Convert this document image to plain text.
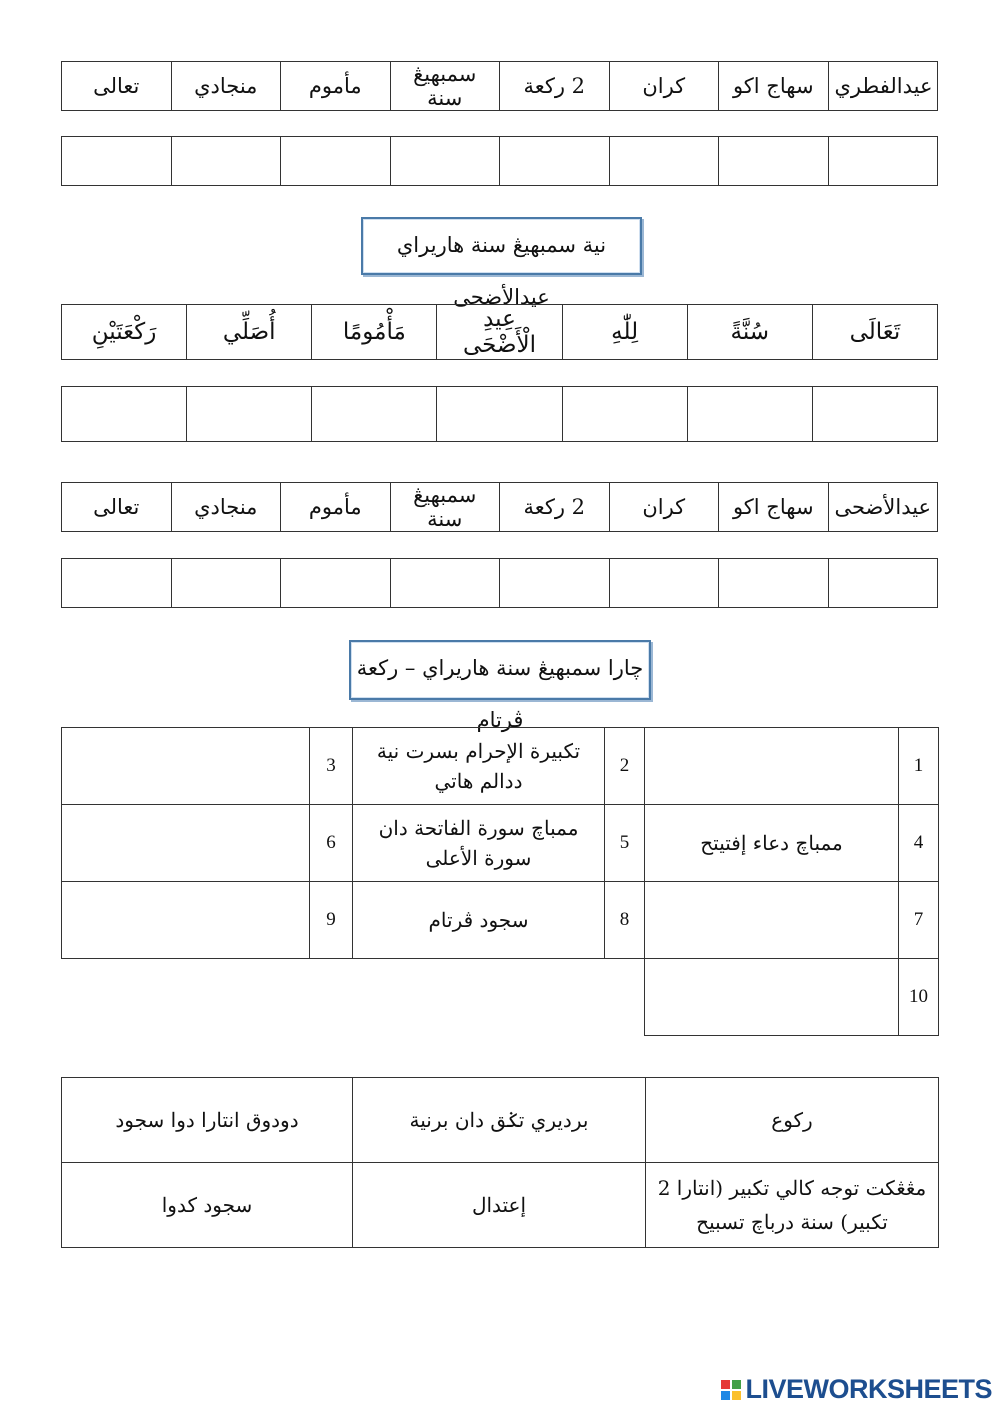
تعالى	منجادي	مأموم	سمبهيڠ سنة	2 ركعة	كران	سهاج اكو	عيدالفطري

نية سمبهيڠ سنة هاريراي عيدالأضحى
رَكْعَتَيْنِ	أُصَلِّي	مَأْمُومًا	عِيدِ الْأَضْحَى	لِلّٰهِ	سُنَّةً	تَعَالَى

تعالى	منجادي	مأموم	سمبهيڠ سنة	2 ركعة	كران	سهاج اكو	عيدالأضحى

چارا سمبهيڠ سنة هاريراي – ركعة ڤرتام
	3	تكبيرة الإحرام بسرت نية ددالم هاتي	2		1
	6	ممباچ سورة الفاتحة دان سورة الأعلى	5	ممباچ دعاء إفتيتح	4
	9	سجود ڤرتام	8		7
					10
دودوق انتارا دوا سجود	برديري تݢق دان برنية	ركوع
سجود كدوا	إعتدال	مڠڠكت توجه كالي تكبير (انتارا 2 تكبير) سنة درباچ تسبيح
LIVEWORKSHEETS
